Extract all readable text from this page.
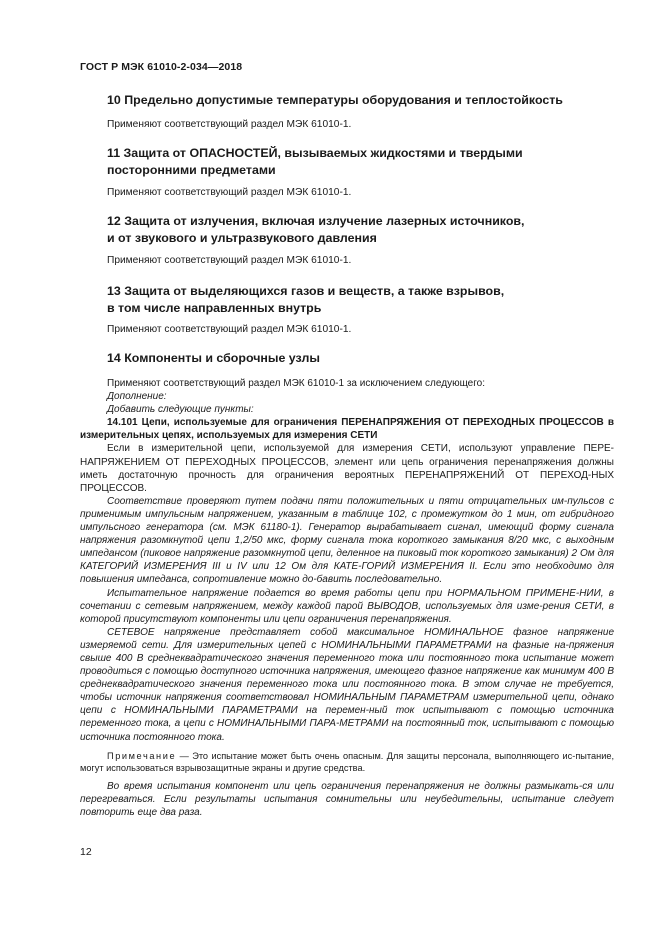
ГОСТ Р МЭК 61010-2-034—2018
10 Предельно допустимые температуры оборудования и теплостойкость
Применяют соответствующий раздел МЭК 61010-1.
11 Защита от ОПАСНОСТЕЙ, вызываемых жидкостями и твердыми
посторонними предметами
Применяют соответствующий раздел МЭК 61010-1.
12 Защита от излучения, включая излучение лазерных источников,
и от звукового и ультразвукового давления
Применяют соответствующий раздел МЭК 61010-1.
13 Защита от выделяющихся газов и веществ, а также взрывов,
в том числе направленных внутрь
Применяют соответствующий раздел МЭК 61010-1.
14 Компоненты и сборочные узлы

Применяют соответствующий раздел МЭК 61010-1 за исключением следующего:

Дополнение:

Добавить следующие пункты:

14.101 Цепи, используемые для ограничения ПЕРЕНАПРЯЖЕНИЯ ОТ ПЕРЕХОДНЫХ ПРОЦЕССОВ в измерительных цепях, используемых для измерения СЕТИ

Если в измерительной цепи, используемой для измерения СЕТИ, используют управление ПЕРЕ-НАПРЯЖЕНИЕМ ОТ ПЕРЕХОДНЫХ ПРОЦЕССОВ, элемент или цепь ограничения перенапряжения должны иметь достаточную прочность для ограничения вероятных ПЕРЕНАПРЯЖЕНИЙ ОТ ПЕРЕХОД-НЫХ ПРОЦЕССОВ.

Соответствие проверяют путем подачи пяти положительных и пяти отрицательных им-пульсов с применимым импульсным напряжением, указанным в таблице 102, с промежутком до 1 мин, от гибридного импульсного генератора (см. МЭК 61180-1). Генератор вырабатывает сигнал, имеющий форму сигнала напряжения разомкнутой цепи 1,2/50 мкс, форму сигнала тока короткого замыкания 8/20 мкс, с выходным импедансом (пиковое напряжение разомкнутой цепи, деленное на пиковый ток короткого замыкания) 2 Ом для КАТЕГОРИЙ ИЗМЕРЕНИЯ III и IV или 12 Ом для КАТЕ-ГОРИЙ ИЗМЕРЕНИЯ II. Если это необходимо для повышения импеданса, сопротивление можно до-бавить последовательно.

Испытательное напряжение подается во время работы цепи при НОРМАЛЬНОМ ПРИМЕНЕ-НИИ, в сочетании с сетевым напряжением, между каждой парой ВЫВОДОВ, используемых для изме-рения СЕТИ, в которой присутствуют компоненты или цепи ограничения перенапряжения.

СЕТЕВОЕ напряжение представляет собой максимальное НОМИНАЛЬНОЕ фазное напряжение измеряемой сети. Для измерительных цепей с НОМИНАЛЬНЫМИ ПАРАМЕТРАМИ на фазные на-пряжения свыше 400 В среднеквадратического значения переменного тока или постоянного тока испытание может проводиться с помощью доступного источника напряжения, имеющего фазное напряжение как минимум 400 В среднеквадратического значения переменного тока или постоянного тока. В этом случае не требуется, чтобы источник напряжения соответствовал НОМИНАЛЬНЫМ ПАРАМЕТРАМ измерительной цепи, однако цепи с НОМИНАЛЬНЫМИ ПАРАМЕТРАМИ на перемен-ный ток испытывают с помощью источника переменного тока, а цепи с НОМИНАЛЬНЫМИ ПАРА-МЕТРАМИ на постоянный ток, испытывают с помощью источника постоянного тока.

Примечание — Это испытание может быть очень опасным. Для защиты персонала, выполняющего ис-пытание, могут использоваться взрывозащитные экраны и другие средства.

Во время испытания компонент или цепь ограничения перенапряжения не должны размыкать-ся или перегреваться. Если результаты испытания сомнительны или неубедительны, испытание следует повторить еще два раза.

12
